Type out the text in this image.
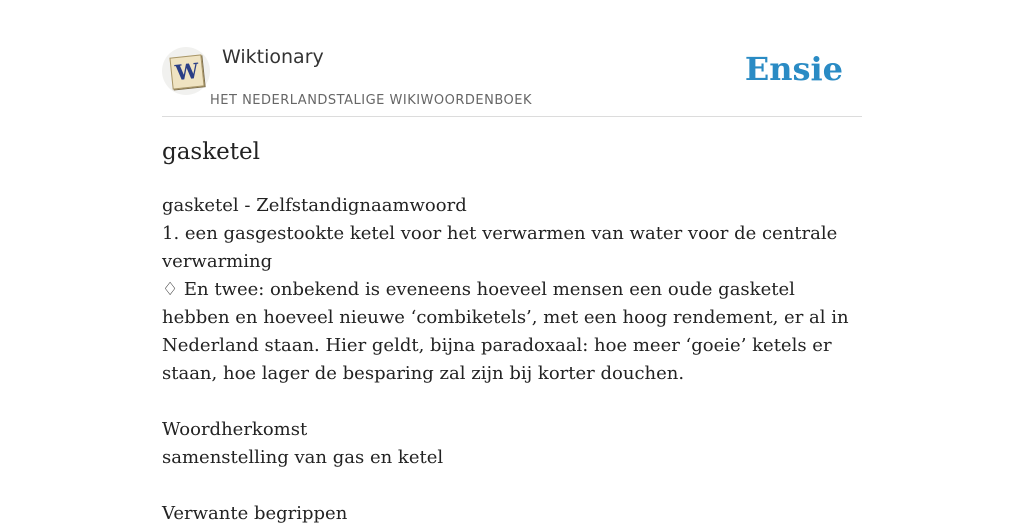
W
Wiktionary
HET NEDERLANDSTALIGE WIKIWOORDENBOEK
Ensie
gasketel

gasketel - Zelfstandignaamwoord

1. een gasgestookte ketel voor het verwarmen van water voor de centrale verwarming

♢ En twee: onbekend is eveneens hoeveel mensen een oude gasketel hebben en hoeveel nieuwe ‘combiketels’, met een hoog rendement, er al in Nederland staan. Hier geldt, bijna paradoxaal: hoe meer ‘goeie’ ketels er staan, hoe lager de besparing zal zijn bij korter douchen.

Woordherkomst

samenstelling van gas en ketel

Verwante begrippen
